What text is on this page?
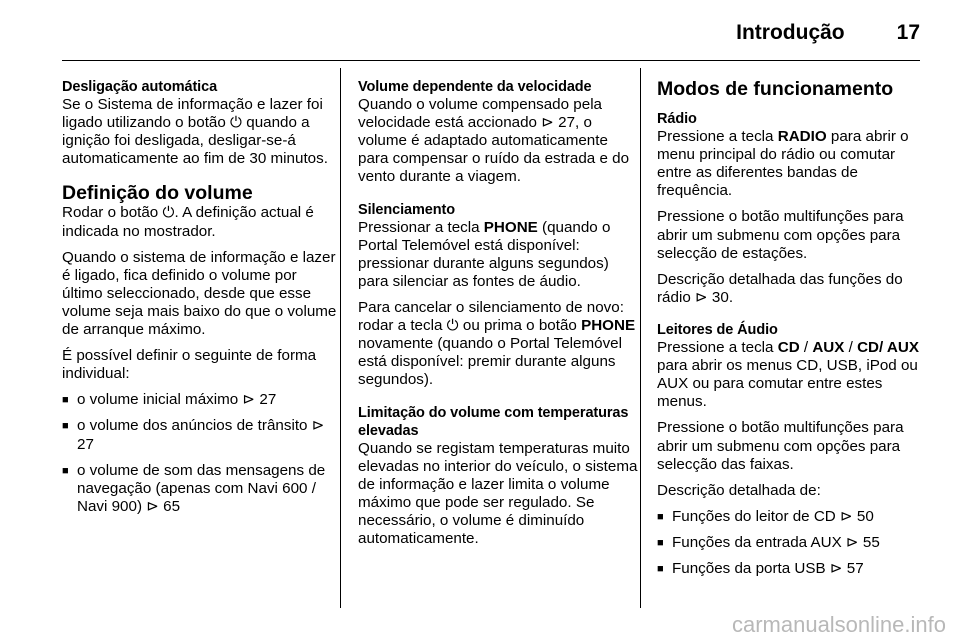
Introdução 17
Desligação automática
Se o Sistema de informação e lazer foi ligado utilizando o botão ⏻ quando a ignição foi desligada, desligar-se-á automaticamente ao fim de 30 minutos.
Definição do volume

Rodar o botão ⏻. A definição actual é indicada no mostrador.

Quando o sistema de informação e lazer é ligado, fica definido o volume por último seleccionado, desde que esse volume seja mais baixo do que o volume de arranque máximo.

É possível definir o seguinte de forma individual:

■ o volume inicial máximo ⊳ 27
■ o volume dos anúncios de trânsito ⊳ 27
■ o volume de som das mensagens de navegação (apenas com Navi 600 / Navi 900) ⊳ 65
Volume dependente da velocidade
Quando o volume compensado pela velocidade está accionado ⊳ 27, o volume é adaptado automaticamente para compensar o ruído da estrada e do vento durante a viagem.
Silenciamento

Pressionar a tecla PHONE (quando o Portal Telemóvel está disponível: pressionar durante alguns segundos) para silenciar as fontes de áudio.

Para cancelar o silenciamento de novo: rodar a tecla ⏻ ou prima o botão PHONE novamente (quando o Portal Telemóvel está disponível: premir durante alguns segundos).

Limitação do volume com temperaturas elevadas
Quando se registam temperaturas muito elevadas no interior do veículo, o sistema de informação e lazer limita o volume máximo que pode ser regulado. Se necessário, o volume é diminuído automaticamente.
Modos de funcionamento
Rádio

Pressione a tecla RADIO para abrir o menu principal do rádio ou comutar entre as diferentes bandas de frequência.

Pressione o botão multifunções para abrir um submenu com opções para selecção de estações.

Descrição detalhada das funções do rádio ⊳ 30.

Leitores de Áudio

Pressione a tecla CD / AUX / CD/ AUX para abrir os menus CD, USB, iPod ou AUX ou para comutar entre estes menus.

Pressione o botão multifunções para abrir um submenu com opções para selecção das faixas.

Descrição detalhada de:

■ Funções do leitor de CD ⊳ 50
■ Funções da entrada AUX ⊳ 55
■ Funções da porta USB ⊳ 57
carmanualsonline.info
